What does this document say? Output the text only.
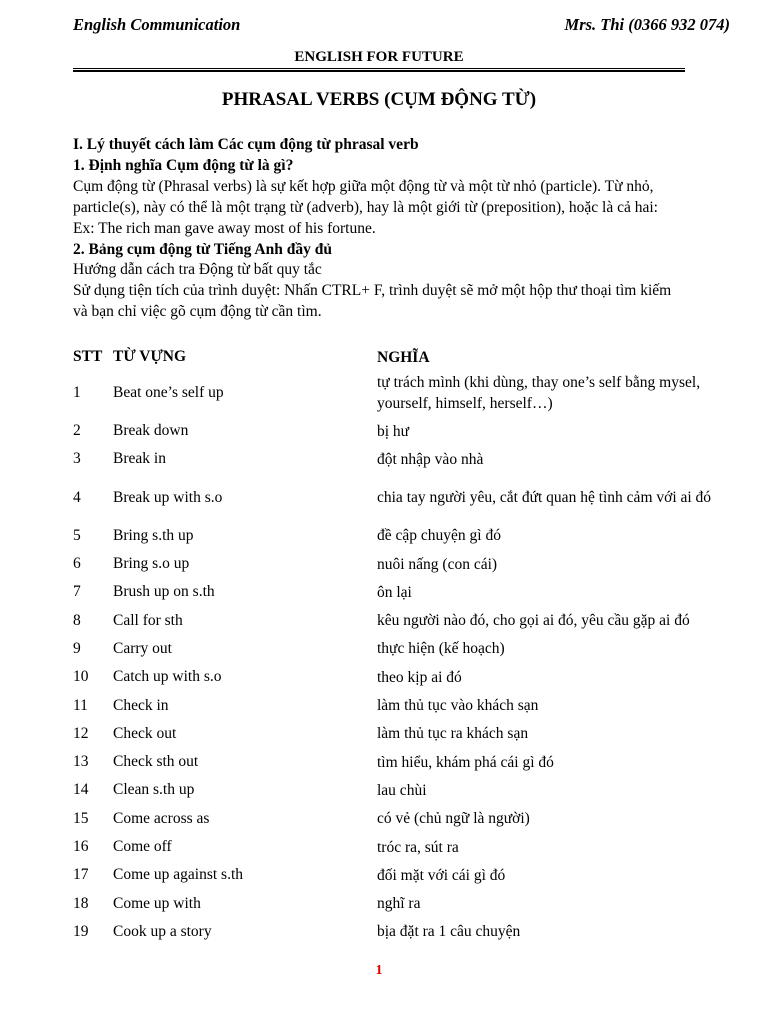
English Communication	Mrs. Thi (0366 932 074)
ENGLISH FOR FUTURE
PHRASAL VERBS (CỤM ĐỘNG TỪ)

I. Lý thuyết cách làm Các cụm động từ phrasal verb

1. Định nghĩa Cụm động từ là gì?

Cụm động từ (Phrasal verbs) là sự kết hợp giữa một động từ và một từ nhỏ (particle). Từ nhỏ, particle(s), này có thể là một trạng từ (adverb), hay là một giới từ (preposition), hoặc là cả hai:

Ex: The rich man gave away most of his fortune.

2. Bảng cụm động từ Tiếng Anh đầy đủ

Hướng dẫn cách tra Động từ bất quy tắc

Sử dụng tiện tích của trình duyệt: Nhấn CTRL+ F, trình duyệt sẽ mở một hộp thư thoại tìm kiếm và bạn chỉ việc gõ cụm động từ cần tìm.

STT	TỪ VỰNG	NGHĨA
1	Beat one’s self up	tự trách mình (khi dùng, thay one’s self bằng mysel, yourself, himself, herself…)
2	Break down	bị hư
3	Break in	đột nhập vào nhà
4	Break up with s.o	chia tay người yêu, cắt đứt quan hệ tình cảm với ai đó
5	Bring s.th up	đề cập chuyện gì đó
6	Bring s.o up	nuôi nấng (con cái)
7	Brush up on s.th	ôn lại
8	Call for sth	kêu người nào đó, cho gọi ai đó, yêu cầu gặp ai đó
9	Carry out	thực hiện (kế hoạch)
10	Catch up with s.o	theo kịp ai đó
11	Check in	làm thủ tục vào khách sạn
12	Check out	làm thủ tục ra khách sạn
13	Check sth out	tìm hiểu, khám phá cái gì đó
14	Clean s.th up	lau chùi
15	Come across as	có vẻ (chủ ngữ là người)
16	Come off	tróc ra, sút ra
17	Come up against s.th	đối mặt với cái gì đó
18	Come up with	nghĩ ra
19	Cook up a story	bịa đặt ra 1 câu chuyện
1
